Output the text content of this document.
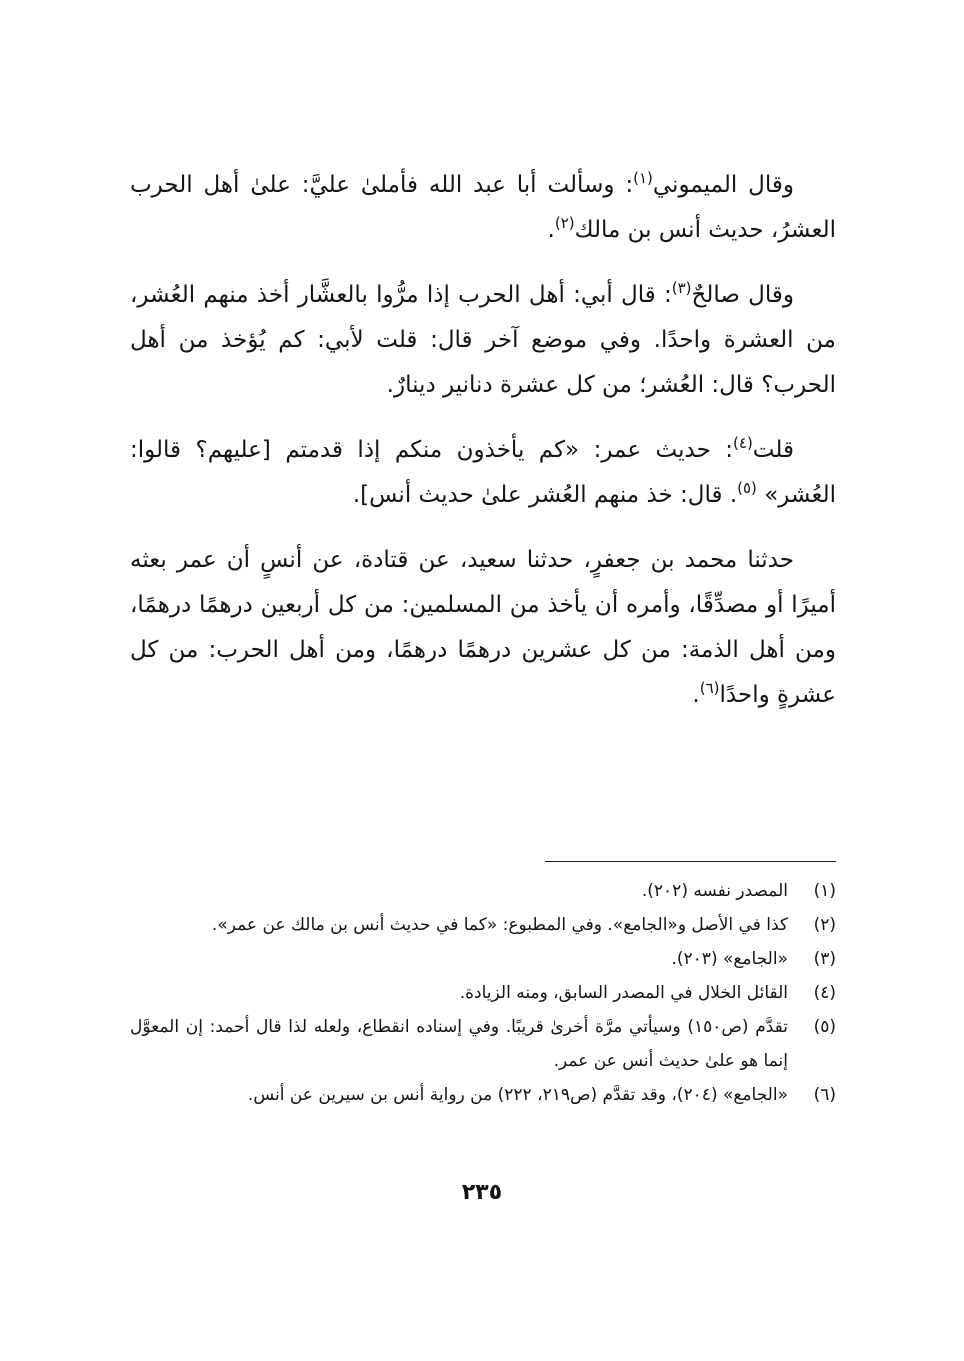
وقال الميموني$^{(١)}$: وسألت أبا عبد الله فأملىٰ عليَّ: علىٰ أهل الحرب العشرُ، حديث أنس بن مالك$^{(٢)}$.

وقال صالحٌ$^{(٣)}$: قال أبي: أهل الحرب إذا مرُّوا بالعشَّار أخذ منهم العُشر، من العشرة واحدًا. وفي موضع آخر قال: قلت لأبي: كم يُؤخذ من أهل الحرب؟ قال: العُشر؛ من كل عشرة دنانير دينارٌ.

قلت$^{(٤)}$: حديث عمر: «كم يأخذون منكم إذا قدمتم [عليهم؟ قالوا: العُشر» $^{(٥)}$. قال: خذ منهم العُشر علىٰ حديث أنس].

حدثنا محمد بن جعفرٍ، حدثنا سعيد، عن قتادة، عن أنسٍ أن عمر بعثه أميرًا أو مصدِّقًا، وأمره أن يأخذ من المسلمين: من كل أربعين درهمًا درهمًا، ومن أهل الذمة: من كل عشرين درهمًا درهمًا، ومن أهل الحرب: من كل عشرةٍ واحدًا$^{(٦)}$.

(١)
المصدر نفسه (٢٠٢).
(٢)
كذا في الأصل و«الجامع». وفي المطبوع: «كما في حديث أنس بن مالك عن عمر».
(٣)
«الجامع» (٢٠٣).
(٤)
القائل الخلال في المصدر السابق، ومنه الزيادة.
(٥)
تقدَّم (ص١٥٠) وسيأتي مرَّة أخرىٰ قريبًا. وفي إسناده انقطاع، ولعله لذا قال أحمد: إن المعوَّل إنما هو علىٰ حديث أنس عن عمر.
(٦)
«الجامع» (٢٠٤)، وقد تقدَّم (ص٢١٩، ٢٢٢) من رواية أنس بن سيرين عن أنس.
٢٣٥
